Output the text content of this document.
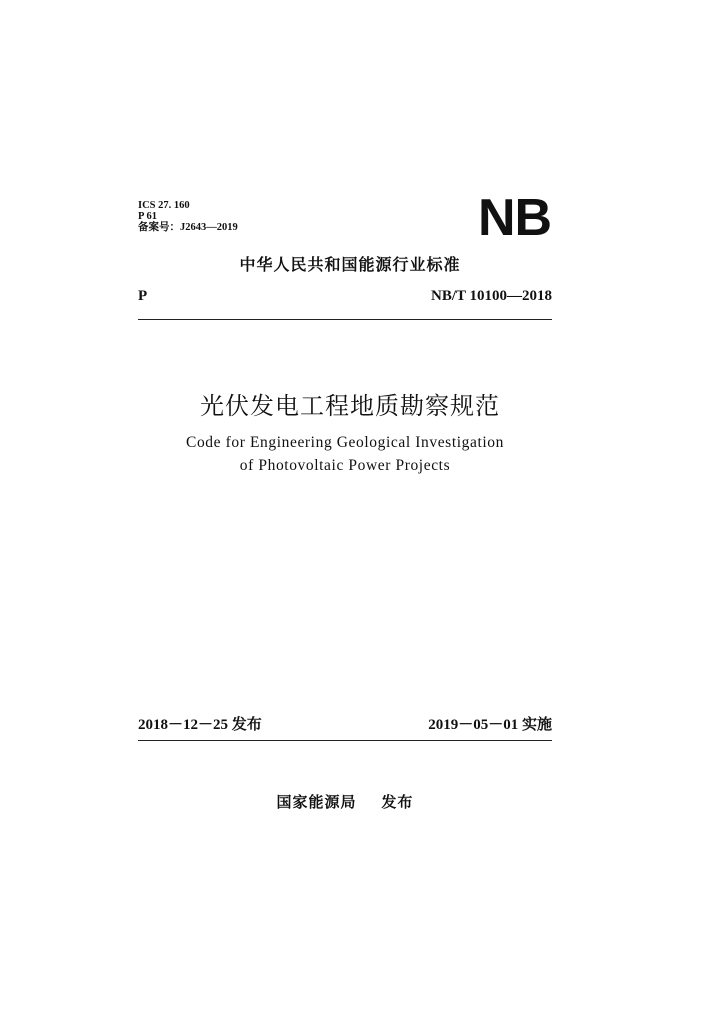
ICS 27. 160
P 61
备案号：J2643—2019	NB
中华人民共和国能源行业标准
P	NB/T 10100—2018
光伏发电工程地质勘察规范
Code for Engineering Geological Investigation
of Photovoltaic Power Projects
2018－12－25 发布	2019－05－01 实施
国家能源局    发布
